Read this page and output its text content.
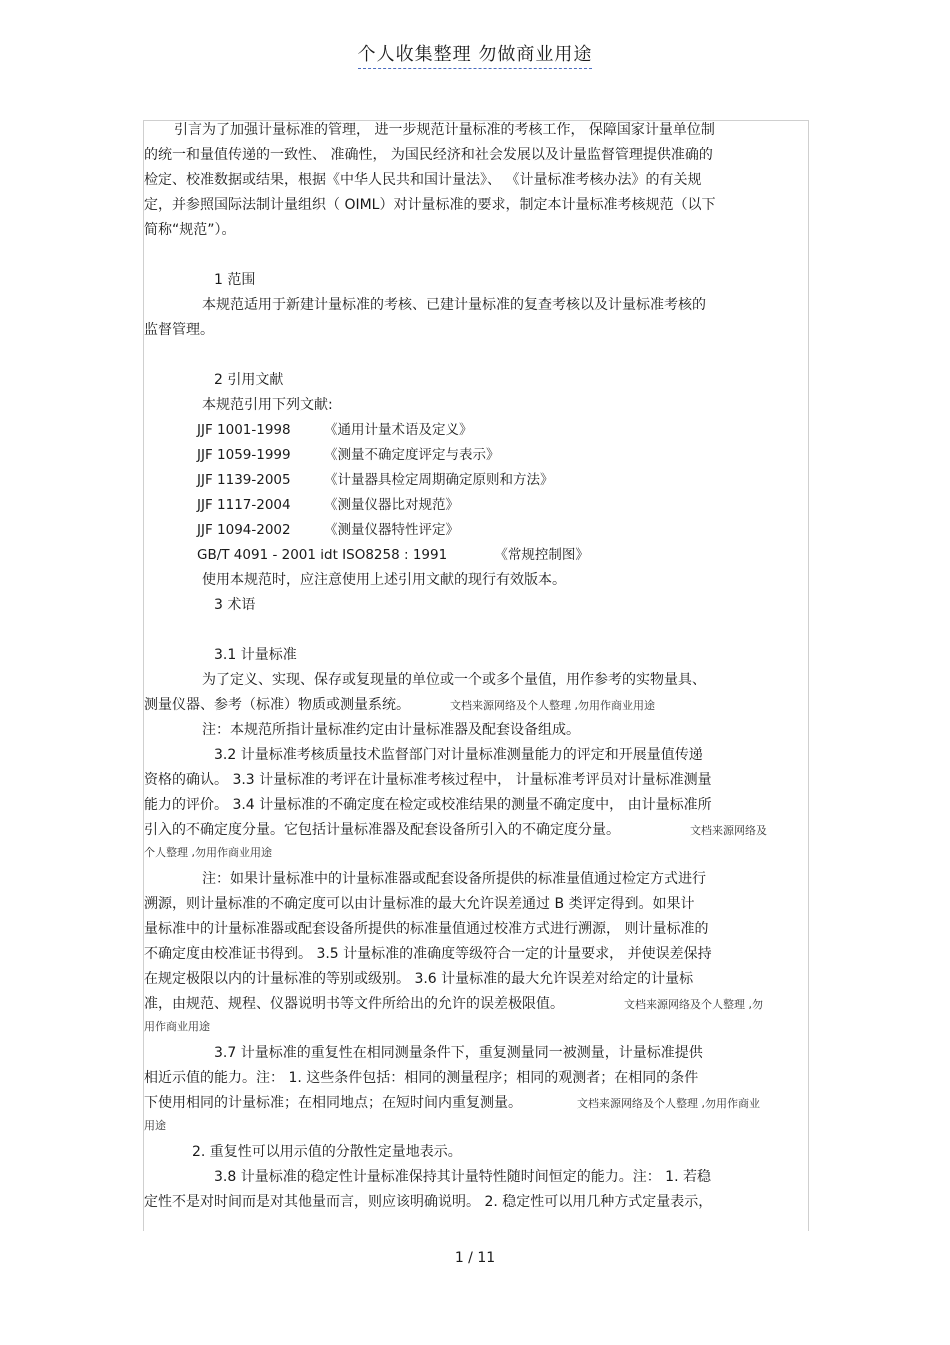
个人收集整理 勿做商业用途

引言为了加强计量标准的管理， 进一步规范计量标准的考核工作， 保障国家计量单位制

的统一和量值传递的一致性、 准确性， 为国民经济和社会发展以及计量监督管理提供准确的

检定、校准数据或结果，根据《中华人民共和国计量法》、 《计量标准考核办法》的有关规

定，并参照国际法制计量组织（ OIML）对计量标准的要求，制定本计量标准考核规范（以下

简称“规范”）。

1 范围

本规范适用于新建计量标准的考核、已建计量标准的复查考核以及计量标准考核的

监督管理。

2 引用文献

本规范引用下列文献:

JJF 1001-1998 《通用计量术语及定义》

JJF 1059-1999 《测量不确定度评定与表示》

JJF 1139-2005 《计量器具检定周期确定原则和方法》

JJF 1117-2004 《测量仪器比对规范》

JJF 1094-2002 《测量仪器特性评定》

GB/T 4091 - 2001 idt ISO8258 : 1991           《常规控制图》

使用本规范时，应注意使用上述引用文献的现行有效版本。

3 术语

3.1 计量标准

为了定义、实现、保存或复现量的单位或一个或多个量值，用作参考的实物量具、

测量仪器、参考（标准）物质或测量系统。	文档来源网络及个人整理 ,勿用作商业用途

注：本规范所指计量标准约定由计量标准器及配套设备组成。

3.2 计量标准考核质量技术监督部门对计量标准测量能力的评定和开展量值传递

资格的确认。 3.3 计量标准的考评在计量标准考核过程中， 计量标准考评员对计量标准测量

能力的评价。 3.4 计量标准的不确定度在检定或校准结果的测量不确定度中， 由计量标准所

引入的不确定度分量。它包括计量标准器及配套设备所引入的不确定度分量。	文档来源网络及

个人整理 ,勿用作商业用途

注：如果计量标准中的计量标准器或配套设备所提供的标准量值通过检定方式进行

溯源，则计量标准的不确定度可以由计量标准的最大允许误差通过 B 类评定得到。如果计

量标准中的计量标准器或配套设备所提供的标准量值通过校准方式进行溯源， 则计量标准的

不确定度由校准证书得到。 3.5 计量标准的准确度等级符合一定的计量要求， 并使误差保持

在规定极限以内的计量标准的等别或级别。 3.6 计量标准的最大允许误差对给定的计量标

准，由规范、规程、仪器说明书等文件所给出的允许的误差极限值。	文档来源网络及个人整理 ,勿

用作商业用途

3.7 计量标准的重复性在相同测量条件下，重复测量同一被测量，计量标准提供

相近示值的能力。注： 1. 这些条件包括：相同的测量程序；相同的观测者；在相同的条件

下使用相同的计量标准；在相同地点；在短时间内重复测量。	文档来源网络及个人整理 ,勿用作商业

用途

2. 重复性可以用示值的分散性定量地表示。

3.8 计量标准的稳定性计量标准保持其计量特性随时间恒定的能力。注： 1. 若稳

定性不是对时间而是对其他量而言，则应该明确说明。 2. 稳定性可以用几种方式定量表示，

1 / 11
